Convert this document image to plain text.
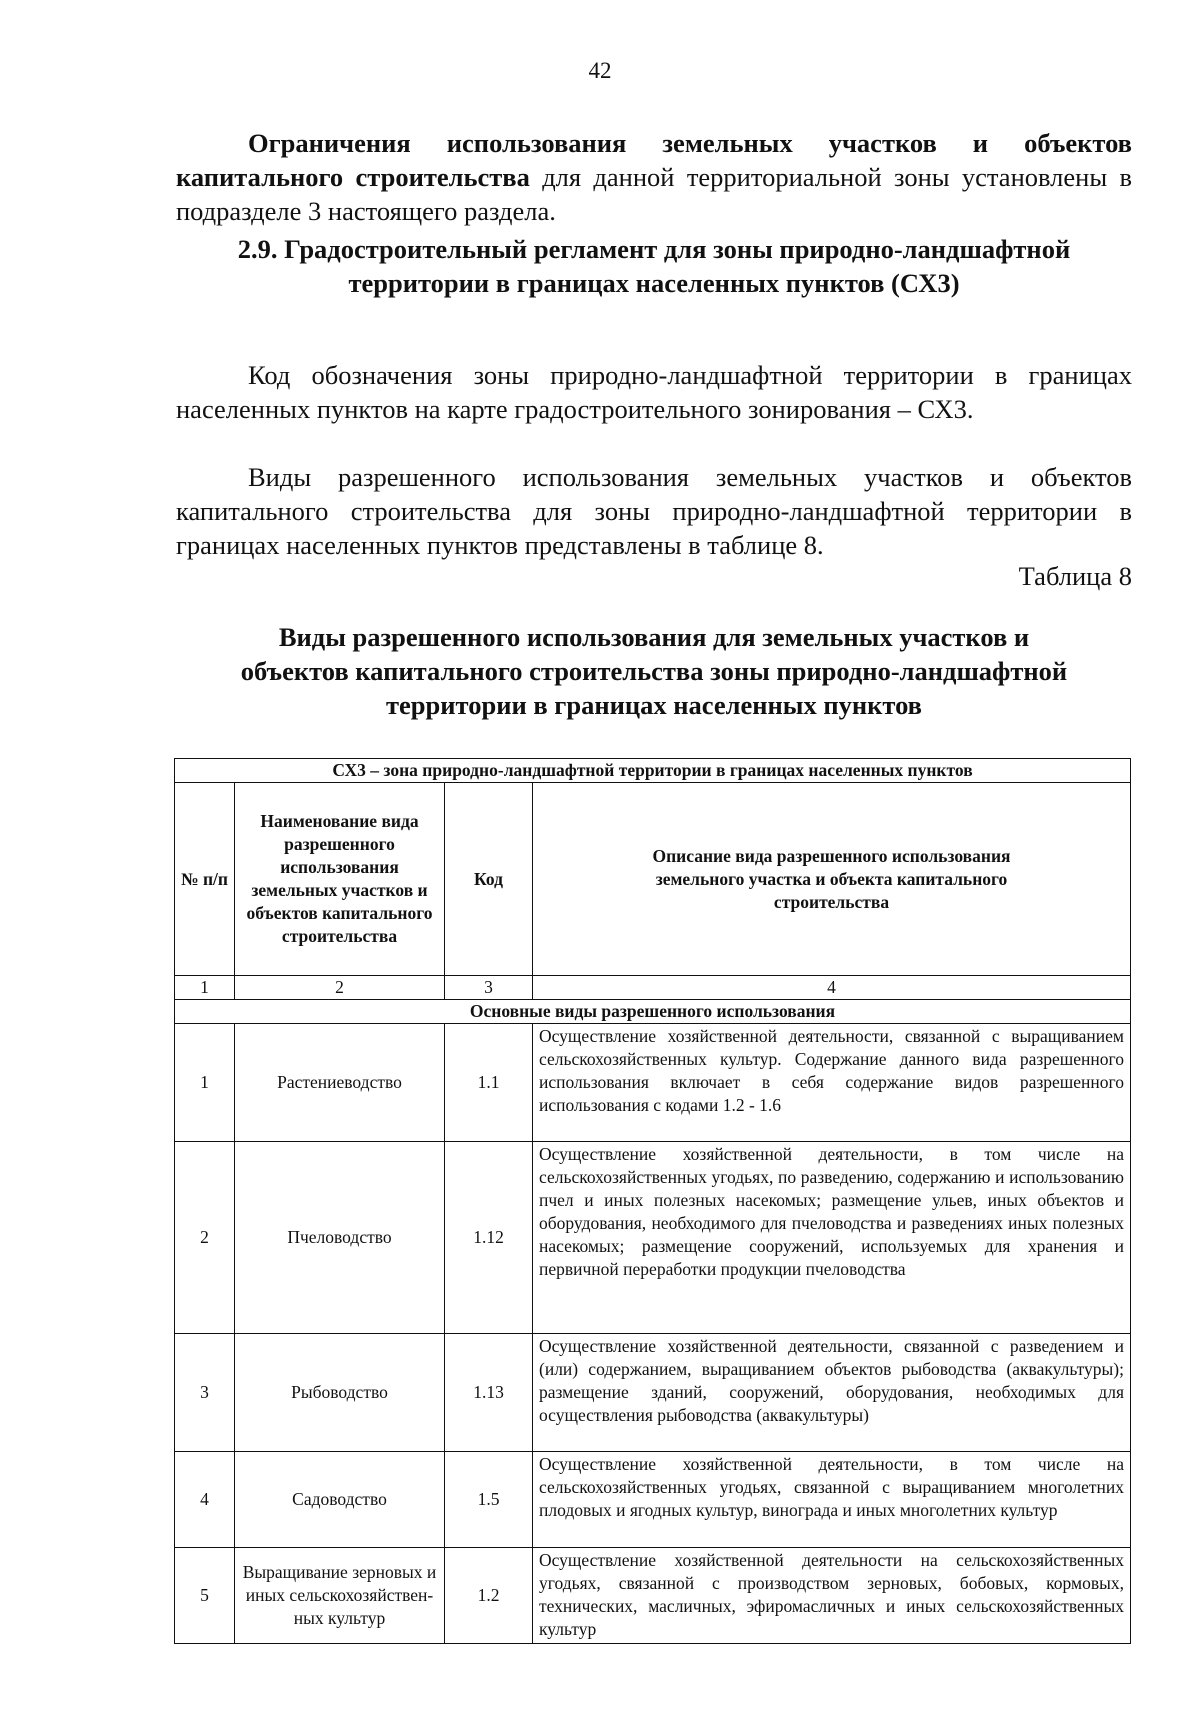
42
Ограничения использования земельных участков и объектов капитального строительства для данной территориальной зоны установлены в подразделе 3 настоящего раздела.
2.9. Градостроительный регламент для зоны природно-ландшафтной
территории в границах населенных пунктов (СХ3)
Код обозначения зоны природно-ландшафтной территории в границах населенных пунктов на карте градостроительного зонирования – СХ3.
Виды разрешенного использования земельных участков и объектов капитального строительства для зоны природно-ландшафтной территории в границах населенных пунктов представлены в таблице 8.
Таблица 8
Виды разрешенного использования для земельных участков и
объектов капитального строительства зоны природно-ландшафтной
территории в границах населенных пунктов
СХ3 – зона природно-ландшафтной территории в границах населенных пунктов			
№ п/п	Наименование вида разрешенного использования земельных участков и объектов капитального строительства	Код	Описание вида разрешенного использования земельного участка и объекта капитального строительства
1	2	3	4
Основные виды разрешенного использования			
1	Растениеводство	1.1	Осуществление хозяйственной деятельности, связанной с выращиванием сельскохозяйственных культур. Содержание данного вида разрешенного использования включает в себя содержание видов разрешенного использования с кодами 1.2 - 1.6
2	Пчеловодство	1.12	Осуществление хозяйственной деятельности, в том числе на сельскохозяйственных угодьях, по разведению, содержанию и использованию пчел и иных полезных насекомых; размещение ульев, иных объектов и оборудования, необходимого для пчеловодства и разведениях иных полезных насекомых; размещение сооружений, используемых для хранения и первичной переработки продукции пчеловодства
3	Рыбоводство	1.13	Осуществление хозяйственной деятельности, связанной с разведением и (или) содержанием, выращиванием объектов рыбоводства (аквакультуры); размещение зданий, сооружений, оборудования, необходимых для осуществления рыбоводства (аквакультуры)
4	Садоводство	1.5	Осуществление хозяйственной деятельности, в том числе на сельскохозяйственных угодьях, связанной с выращиванием многолетних плодовых и ягодных культур, винограда и иных многолетних культур
5	Выращивание зерновых и иных сельскохозяйствен-ных культур	1.2	Осуществление хозяйственной деятельности на сельскохозяйственных угодьях, связанной с производством зерновых, бобовых, кормовых, технических, масличных, эфиромасличных и иных сельскохозяйственных культур
